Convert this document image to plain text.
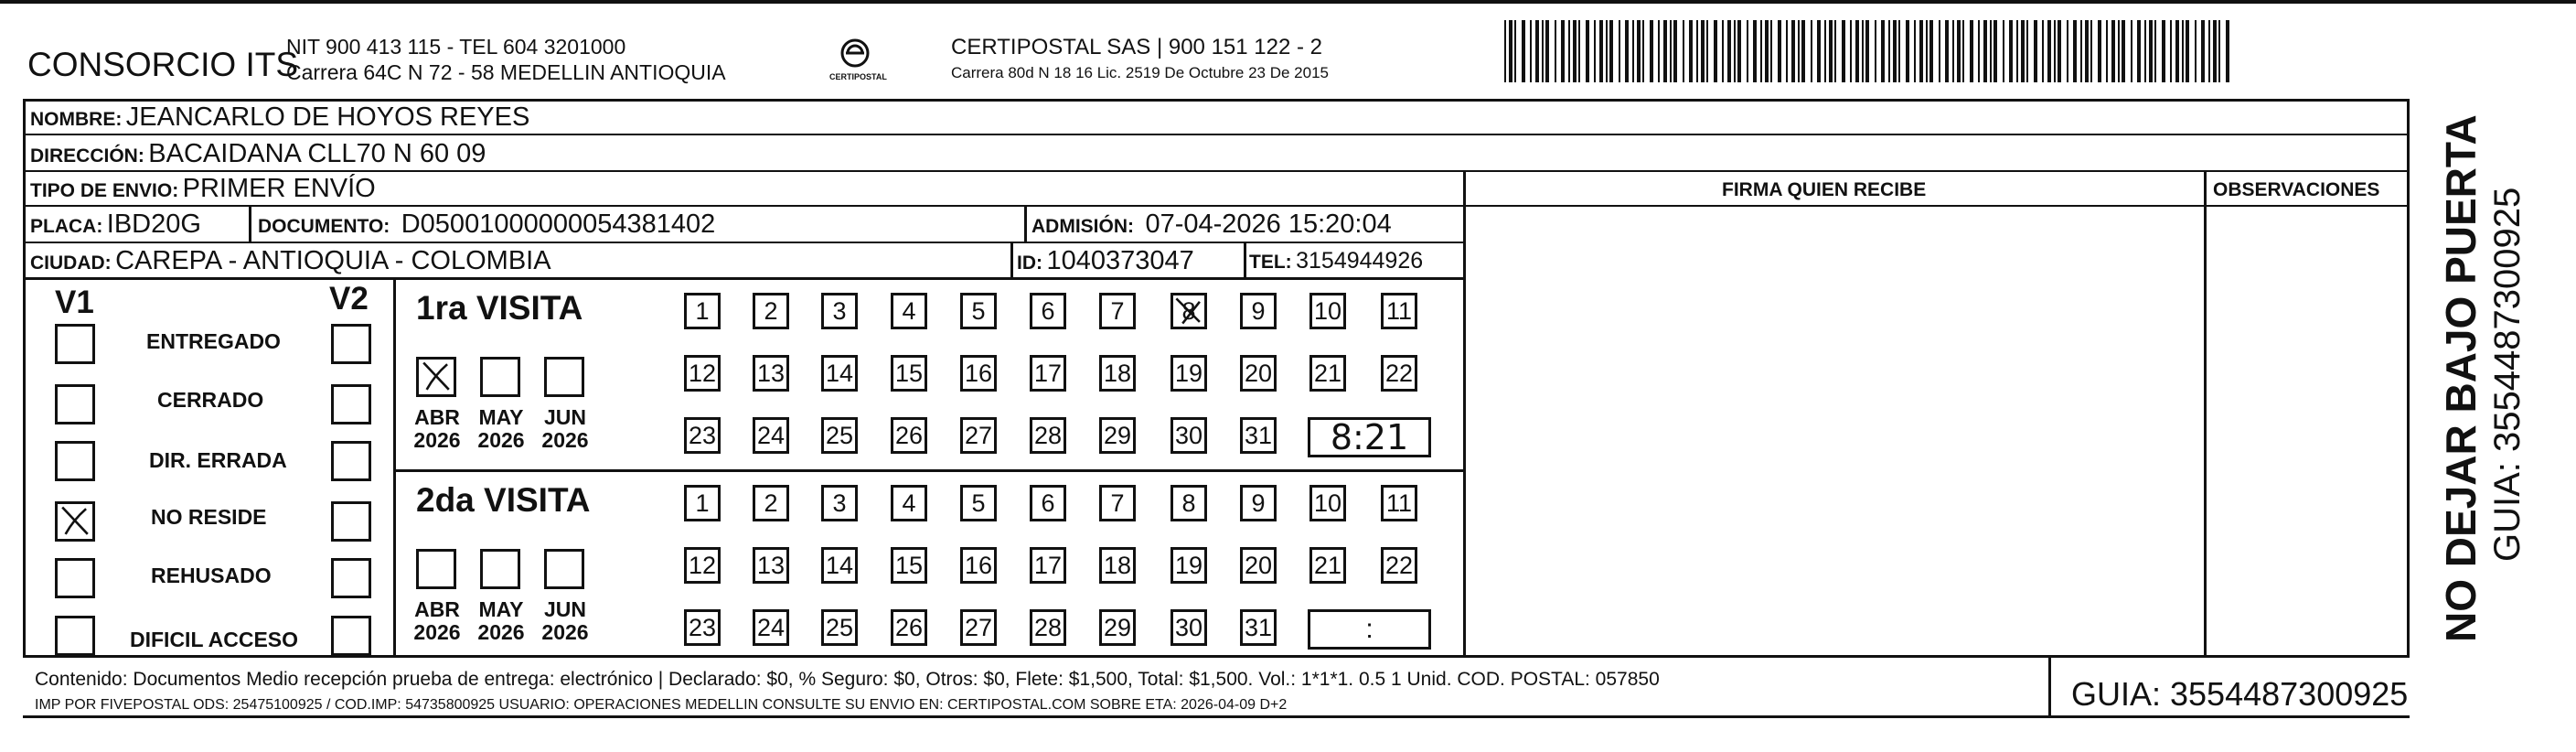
CONSORCIO ITS
NIT 900 413 115 - TEL 604 3201000
Carrera 64C N 72 - 58 MEDELLIN ANTIOQUIA	CERTIPOSTAL
CERTIPOSTAL SAS | 900 151 122 - 2
Carrera 80d N 18 16 Lic. 2519 De Octubre 23 De 2015
NOMBRE: JEANCARLO DE HOYOS REYES
DIRECCIÓN: BACAIDANA CLL70 N 60 09
TIPO DE ENVIO: PRIMER ENVÍO	FIRMA QUIEN RECIBE	OBSERVACIONES
PLACA: IBD20G	DOCUMENTO: D05001000000054381402	ADMISIÓN: 07-04-2026 15:20:04
CIUDAD: CAREPA - ANTIOQUIA - COLOMBIA	ID: 1040373047	TEL: 3154944926
V1	V2
ENTREGADO
CERRADO
DIR. ERRADA
NO RESIDE
REHUSADO
DIFICIL ACCESO
1ra VISITA
ABR
2026
MAY
2026
JUN
2026
1	2	3	4	5	6	7	8	9	10 11
12 13 14 15 16 17 18 19 20 21 22
23 24 25 26 27 28 29 30 31	8:21
2da VISITA
ABR
2026
MAY
2026
JUN
2026
1	2	3	4	5	6	7	8	9	10 11
12 13 14 15 16 17 18 19 20 21 22
23 24 25 26 27 28 29 30 31	:
Contenido: Documentos Medio recepción prueba de entrega: electrónico | Declarado: $0, % Seguro: $0, Otros: $0, Flete: $1,500, Total: $1,500. Vol.: 1*1*1. 0.5 1 Unid. COD. POSTAL: 057850
IMP POR FIVEPOSTAL ODS: 25475100925 / COD.IMP: 54735800925 USUARIO: OPERACIONES MEDELLIN CONSULTE SU ENVIO EN: CERTIPOSTAL.COM SOBRE ETA: 2026-04-09 D+2	GUIA: 3554487300925
NO DEJAR BAJO PUERTA GUIA: 3554487300925
